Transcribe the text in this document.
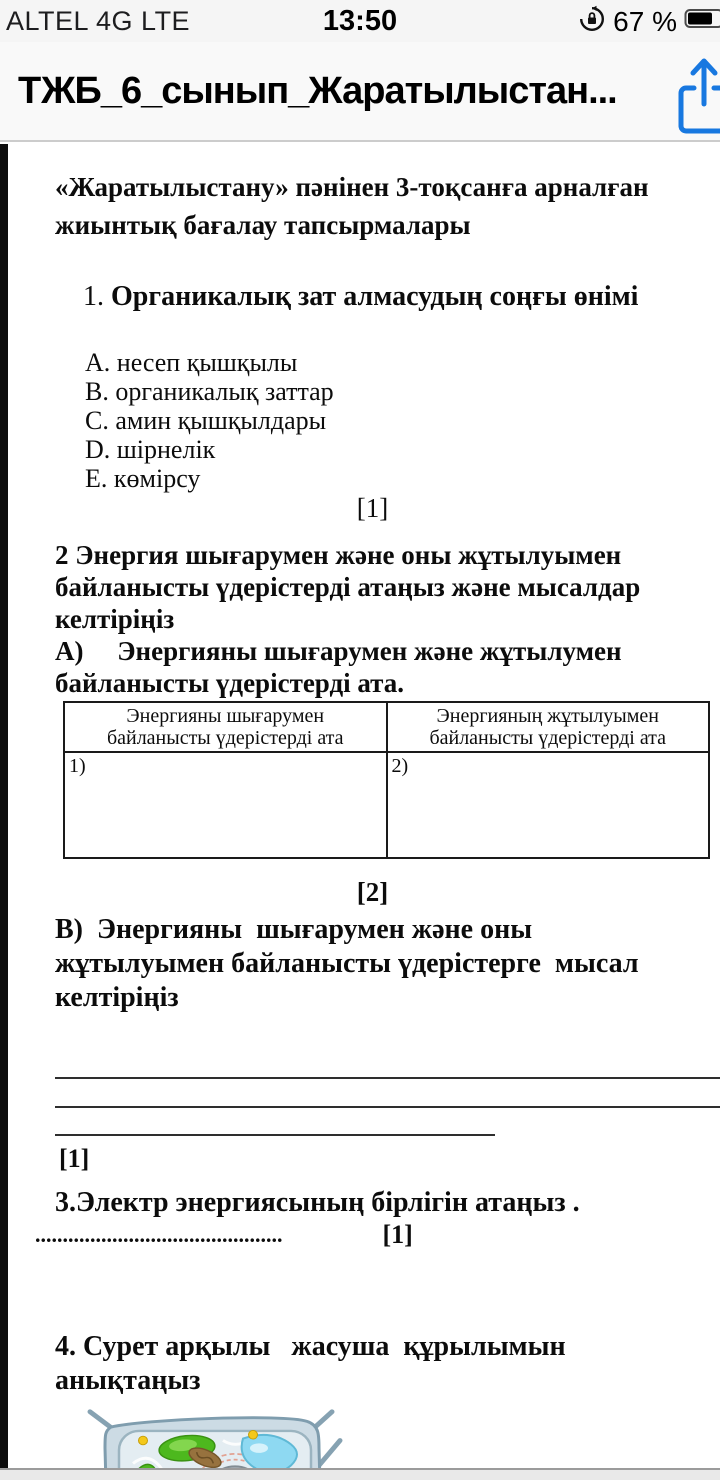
ALTEL 4G LTE	13:50	67 %
ТЖБ_6_сынып_Жаратылыстан...

«Жаратылыстану» пәнінен 3-тоқсанға арналған жиынтық бағалау тапсырмалары

1. Органикалық зат алмасудың соңғы өнімі

A. несеп қышқылы
B. органикалық заттар
C. амин қышқылдары
D. шірнелік
E. көмірсу

[1]

2 Энергия шығарумен және оны жұтылуымен байланысты үдерістерді атаңыз және мысалдар келтіріңіз

А)     Энергияны шығарумен және жұтылумен байланысты үдерістерді ата.

Энергияны шығарумен байланысты үдерістерді ата	Энергияның жұтылуымен байланысты үдерістерді ата
1)	2)

[2]

В)  Энергияны  шығарумен және оны жұтылуымен байланысты үдерістерге  мысал келтіріңіз

[1]

3.Электр энергиясының бірлігін атаңыз .

.............................................	[1]

4. Сурет арқылы   жасуша  құрылымын анықтаңыз
